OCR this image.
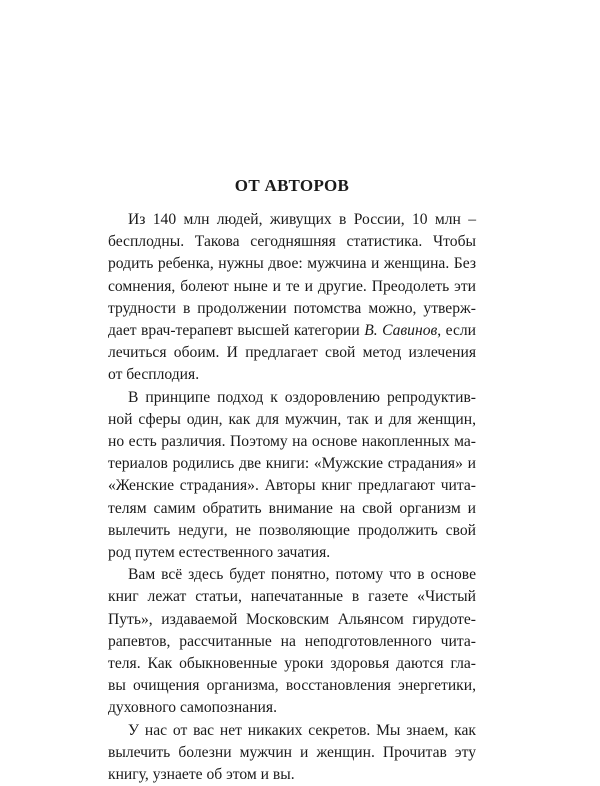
ОТ АВТОРОВ

Из 140 млн людей, живущих в России, 10 млн –
бесплодны. Такова сегодняшняя статистика. Чтобы
родить ребенка, нужны двое: мужчина и женщина. Без
сомнения, болеют ныне и те и другие. Преодолеть эти
трудности в продолжении потомства можно, утверж-
дает врач-терапевт высшей категории В. Савинов, если
лечиться обоим. И предлагает свой метод излечения
от бесплодия.

В принципе подход к оздоровлению репродуктив-
ной сферы один, как для мужчин, так и для женщин,
но есть различия. Поэтому на основе накопленных ма-
териалов родились две книги: «Мужские страдания» и
«Женские страдания». Авторы книг предлагают чита-
телям самим обратить внимание на свой организм и
вылечить недуги, не позволяющие продолжить свой
род путем естественного зачатия.

Вам всё здесь будет понятно, потому что в основе
книг лежат статьи, напечатанные в газете «Чистый
Путь», издаваемой Московским Альянсом гирудоте-
рапевтов, рассчитанные на неподготовленного чита-
теля. Как обыкновенные уроки здоровья даются гла-
вы очищения организма, восстановления энергетики,
духовного самопознания.

У нас от вас нет никаких секретов. Мы знаем, как
вылечить болезни мужчин и женщин. Прочитав эту
книгу, узнаете об этом и вы.
